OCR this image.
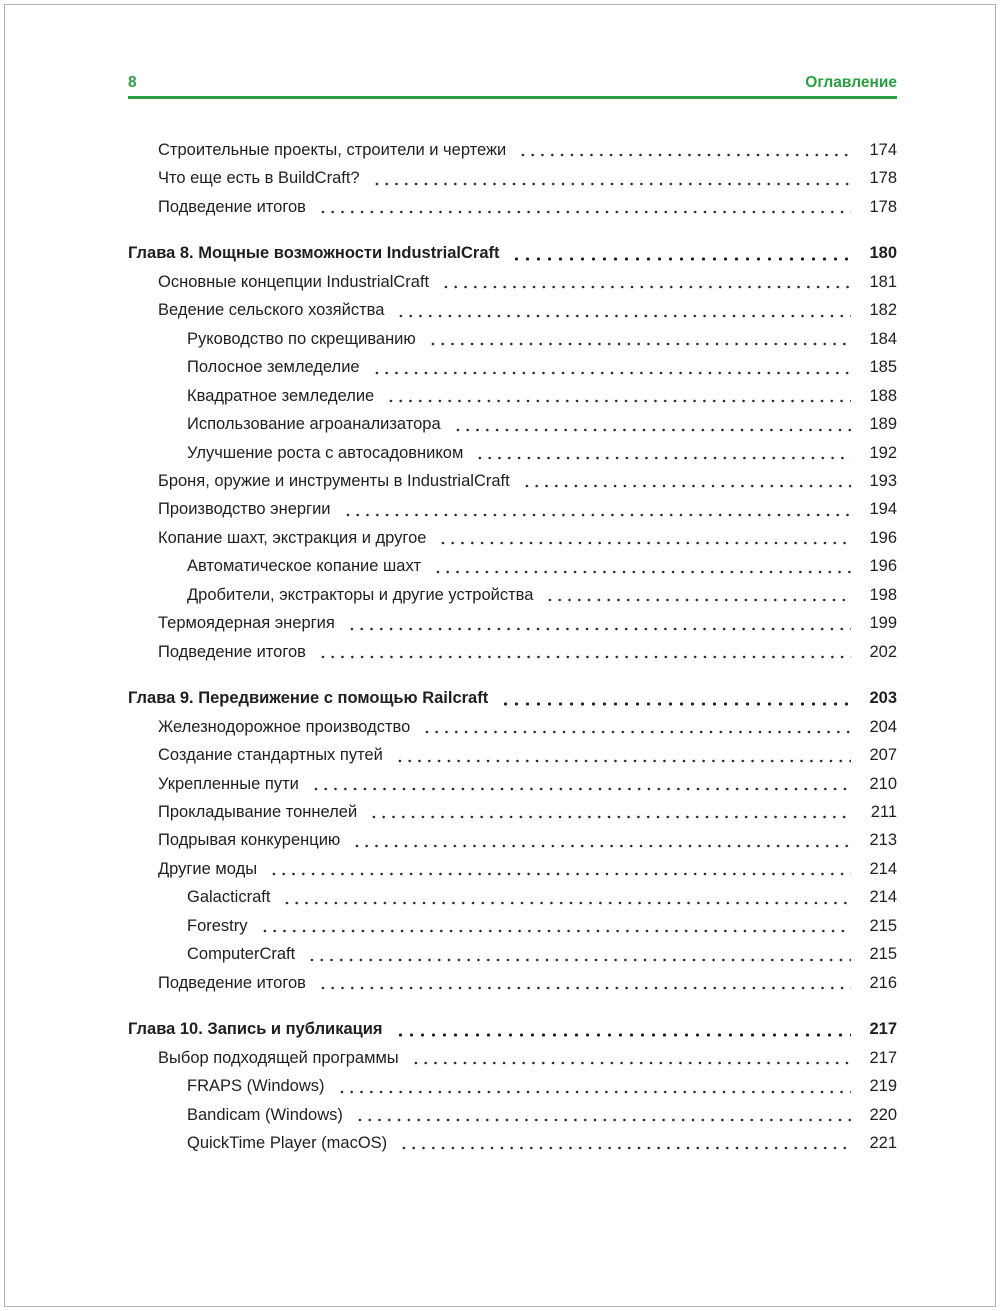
8	Оглавление
Строительные проекты, строители и чертежи	174
Что еще есть в BuildCraft?	178
Подведение итогов	178
Глава 8. Мощные возможности IndustrialCraft	180
Основные концепции IndustrialCraft	181
Ведение сельского хозяйства	182
Руководство по скрещиванию	184
Полосное земледелие	185
Квадратное земледелие	188
Использование агроанализатора	189
Улучшение роста с автосадовником	192
Броня, оружие и инструменты в IndustrialCraft	193
Производство энергии	194
Копание шахт, экстракция и другое	196
Автоматическое копание шахт	196
Дробители, экстракторы и другие устройства	198
Термоядерная энергия	199
Подведение итогов	202
Глава 9. Передвижение с помощью Railcraft	203
Железнодорожное производство	204
Создание стандартных путей	207
Укрепленные пути	210
Прокладывание тоннелей	211
Подрывая конкуренцию	213
Другие моды	214
Galacticraft	214
Forestry	215
ComputerCraft	215
Подведение итогов	216
Глава 10. Запись и публикация	217
Выбор подходящей программы	217
FRAPS (Windows)	219
Bandicam (Windows)	220
QuickTime Player (macOS)	221
